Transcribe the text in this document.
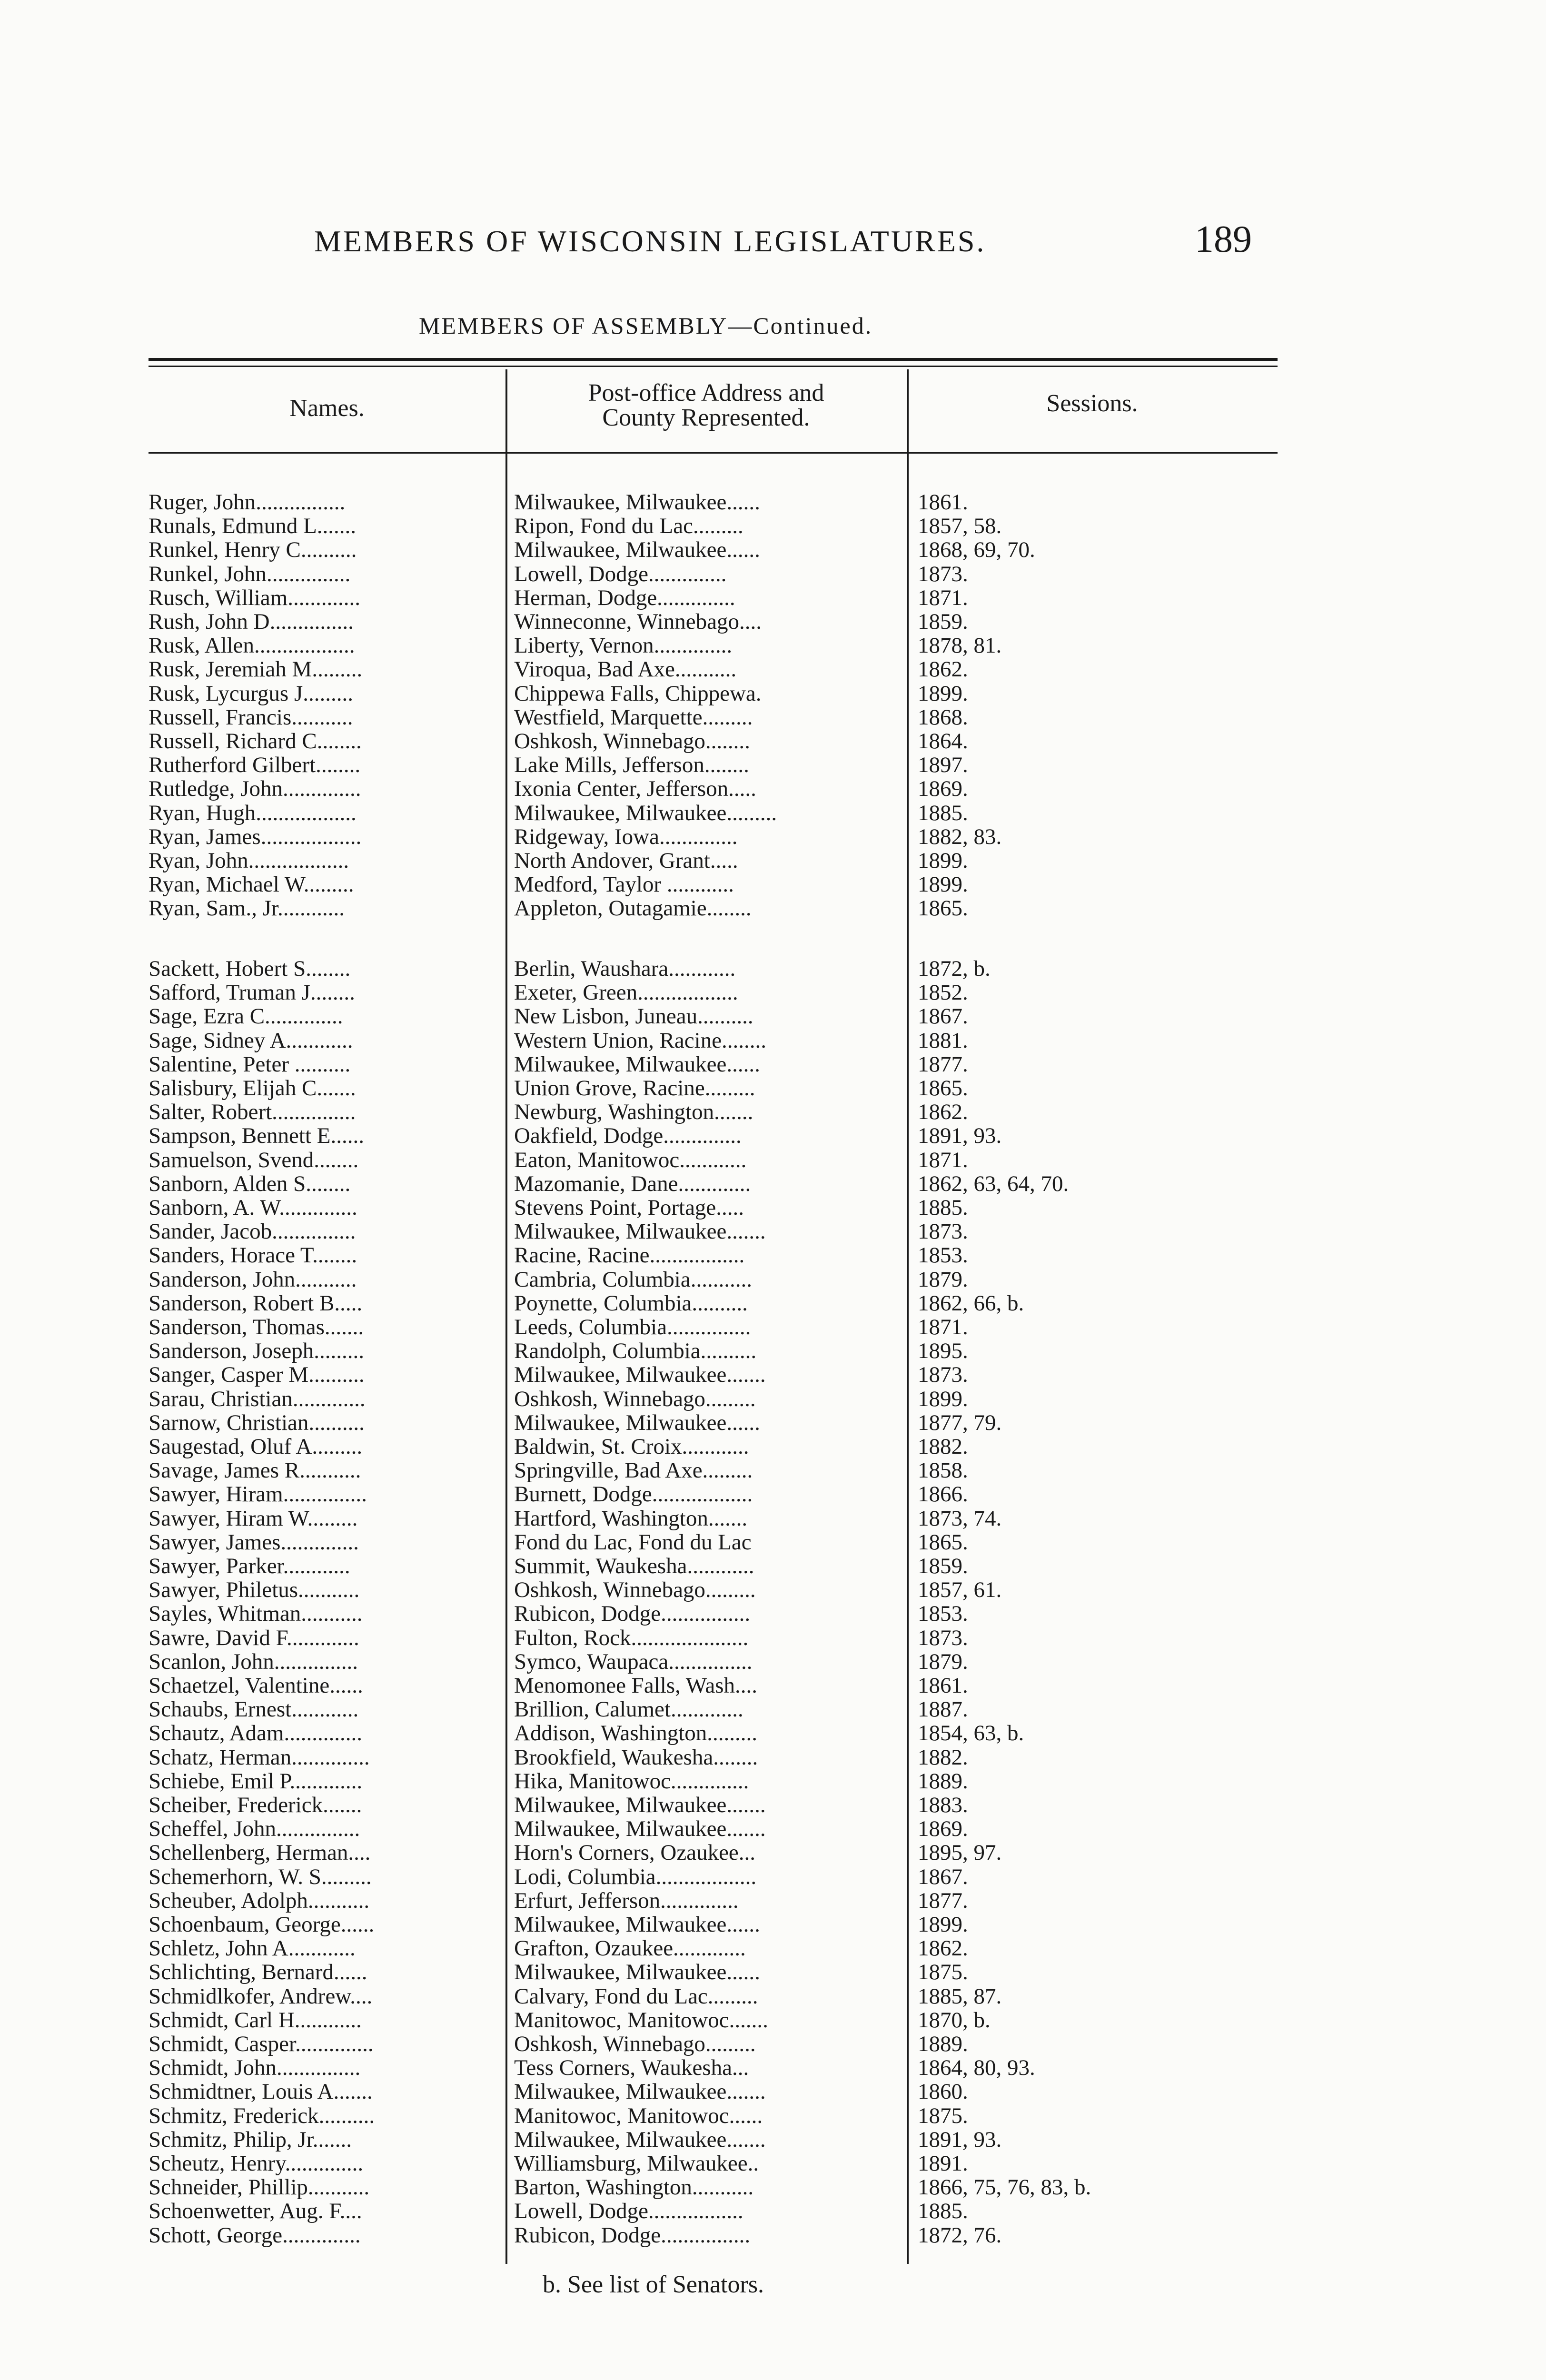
MEMBERS OF WISCONSIN LEGISLATURES.	189
MEMBERS OF ASSEMBLY—Continued.
Names.
Post-office Address and
County Represented.
Sessions.
Ruger, John................	Milwaukee, Milwaukee......	1861.
Runals, Edmund L.......	Ripon, Fond du Lac.........	1857, 58.
Runkel, Henry C..........	Milwaukee, Milwaukee......	1868, 69, 70.
Runkel, John...............	Lowell, Dodge..............	1873.
Rusch, William.............	Herman, Dodge..............	1871.
Rush, John D...............	Winneconne, Winnebago....	1859.
Rusk, Allen..................	Liberty, Vernon..............	1878, 81.
Rusk, Jeremiah M.........	Viroqua, Bad Axe...........	1862.
Rusk, Lycurgus J.........	Chippewa Falls, Chippewa.	1899.
Russell, Francis...........	Westfield, Marquette.........	1868.
Russell, Richard C........	Oshkosh, Winnebago........	1864.
Rutherford Gilbert........	Lake Mills, Jefferson........	1897.
Rutledge, John..............	Ixonia Center, Jefferson.....	1869.
Ryan, Hugh..................	Milwaukee, Milwaukee.........	1885.
Ryan, James..................	Ridgeway, Iowa..............	1882, 83.
Ryan, John..................	North Andover, Grant.....	1899.
Ryan, Michael W.........	Medford, Taylor ............	1899.
Ryan, Sam., Jr............	Appleton, Outagamie........	1865.
Sackett, Hobert S........	Berlin, Waushara............	1872, b.
Safford, Truman J........	Exeter, Green..................	1852.
Sage, Ezra C..............	New Lisbon, Juneau..........	1867.
Sage, Sidney A............	Western Union, Racine........	1881.
Salentine, Peter ..........	Milwaukee, Milwaukee......	1877.
Salisbury, Elijah C.......	Union Grove, Racine.........	1865.
Salter, Robert...............	Newburg, Washington.......	1862.
Sampson, Bennett E......	Oakfield, Dodge..............	1891, 93.
Samuelson, Svend........	Eaton, Manitowoc............	1871.
Sanborn, Alden S........	Mazomanie, Dane.............	1862, 63, 64, 70.
Sanborn, A. W..............	Stevens Point, Portage.....	1885.
Sander, Jacob...............	Milwaukee, Milwaukee.......	1873.
Sanders, Horace T........	Racine, Racine.................	1853.
Sanderson, John...........	Cambria, Columbia...........	1879.
Sanderson, Robert B.....	Poynette, Columbia..........	1862, 66, b.
Sanderson, Thomas.......	Leeds, Columbia...............	1871.
Sanderson, Joseph.........	Randolph, Columbia..........	1895.
Sanger, Casper M..........	Milwaukee, Milwaukee.......	1873.
Sarau, Christian.............	Oshkosh, Winnebago.........	1899.
Sarnow, Christian..........	Milwaukee, Milwaukee......	1877, 79.
Saugestad, Oluf A.........	Baldwin, St. Croix............	1882.
Savage, James R...........	Springville, Bad Axe.........	1858.
Sawyer, Hiram...............	Burnett, Dodge..................	1866.
Sawyer, Hiram W.........	Hartford, Washington.......	1873, 74.
Sawyer, James..............	Fond du Lac, Fond du Lac	1865.
Sawyer, Parker............	Summit, Waukesha............	1859.
Sawyer, Philetus...........	Oshkosh, Winnebago.........	1857, 61.
Sayles, Whitman...........	Rubicon, Dodge................	1853.
Sawre, David F.............	Fulton, Rock.....................	1873.
Scanlon, John...............	Symco, Waupaca...............	1879.
Schaetzel, Valentine......	Menomonee Falls, Wash....	1861.
Schaubs, Ernest............	Brillion, Calumet.............	1887.
Schautz, Adam..............	Addison, Washington.........	1854, 63, b.
Schatz, Herman..............	Brookfield, Waukesha........	1882.
Schiebe, Emil P.............	Hika, Manitowoc..............	1889.
Scheiber, Frederick.......	Milwaukee, Milwaukee.......	1883.
Scheffel, John...............	Milwaukee, Milwaukee.......	1869.
Schellenberg, Herman....	Horn's Corners, Ozaukee...	1895, 97.
Schemerhorn, W. S.........	Lodi, Columbia..................	1867.
Scheuber, Adolph...........	Erfurt, Jefferson..............	1877.
Schoenbaum, George......	Milwaukee, Milwaukee......	1899.
Schletz, John A............	Grafton, Ozaukee.............	1862.
Schlichting, Bernard......	Milwaukee, Milwaukee......	1875.
Schmidlkofer, Andrew....	Calvary, Fond du Lac.........	1885, 87.
Schmidt, Carl H............	Manitowoc, Manitowoc.......	1870, b.
Schmidt, Casper..............	Oshkosh, Winnebago.........	1889.
Schmidt, John...............	Tess Corners, Waukesha...	1864, 80, 93.
Schmidtner, Louis A.......	Milwaukee, Milwaukee.......	1860.
Schmitz, Frederick..........	Manitowoc, Manitowoc......	1875.
Schmitz, Philip, Jr.......	Milwaukee, Milwaukee.......	1891, 93.
Scheutz, Henry..............	Williamsburg, Milwaukee..	1891.
Schneider, Phillip...........	Barton, Washington...........	1866, 75, 76, 83, b.
Schoenwetter, Aug. F....	Lowell, Dodge.................	1885.
Schott, George..............	Rubicon, Dodge................	1872, 76.
b. See list of Senators.
